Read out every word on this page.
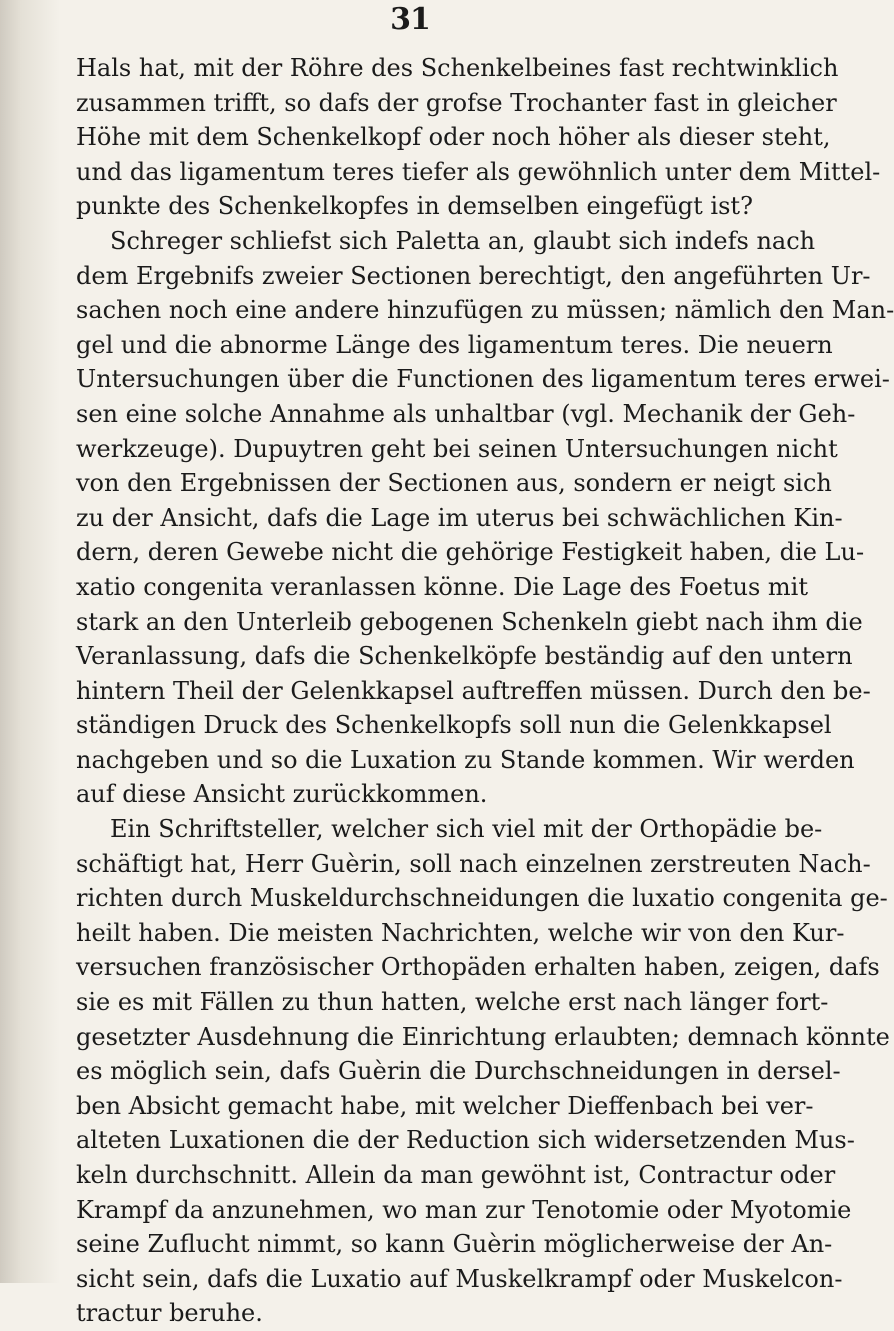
31
Hals hat, mit der Röhre des Schenkelbeines fast rechtwinklich
zusammen trifft, so dafs der grofse Trochanter fast in gleicher
Höhe mit dem Schenkelkopf oder noch höher als dieser steht,
und das ligamentum teres tiefer als gewöhnlich unter dem Mittel-
punkte des Schenkelkopfes in demselben eingefügt ist?
Schreger schliefst sich Paletta an, glaubt sich indefs nach
dem Ergebnifs zweier Sectionen berechtigt, den angeführten Ur-
sachen noch eine andere hinzufügen zu müssen; nämlich den Man-
gel und die abnorme Länge des ligamentum teres. Die neuern
Untersuchungen über die Functionen des ligamentum teres erwei-
sen eine solche Annahme als unhaltbar (vgl. Mechanik der Geh-
werkzeuge). Dupuytren geht bei seinen Untersuchungen nicht
von den Ergebnissen der Sectionen aus, sondern er neigt sich
zu der Ansicht, dafs die Lage im uterus bei schwächlichen Kin-
dern, deren Gewebe nicht die gehörige Festigkeit haben, die Lu-
xatio congenita veranlassen könne. Die Lage des Foetus mit
stark an den Unterleib gebogenen Schenkeln giebt nach ihm die
Veranlassung, dafs die Schenkelköpfe beständig auf den untern
hintern Theil der Gelenkkapsel auftreffen müssen. Durch den be-
ständigen Druck des Schenkelkopfs soll nun die Gelenkkapsel
nachgeben und so die Luxation zu Stande kommen. Wir werden
auf diese Ansicht zurückkommen.
Ein Schriftsteller, welcher sich viel mit der Orthopädie be-
schäftigt hat, Herr Guèrin, soll nach einzelnen zerstreuten Nach-
richten durch Muskeldurchschneidungen die luxatio congenita ge-
heilt haben. Die meisten Nachrichten, welche wir von den Kur-
versuchen französischer Orthopäden erhalten haben, zeigen, dafs
sie es mit Fällen zu thun hatten, welche erst nach länger fort-
gesetzter Ausdehnung die Einrichtung erlaubten; demnach könnte
es möglich sein, dafs Guèrin die Durchschneidungen in dersel-
ben Absicht gemacht habe, mit welcher Dieffenbach bei ver-
alteten Luxationen die der Reduction sich widersetzenden Mus-
keln durchschnitt. Allein da man gewöhnt ist, Contractur oder
Krampf da anzunehmen, wo man zur Tenotomie oder Myotomie
seine Zuflucht nimmt, so kann Guèrin möglicherweise der An-
sicht sein, dafs die Luxatio auf Muskelkrampf oder Muskelcon-
tractur beruhe.
